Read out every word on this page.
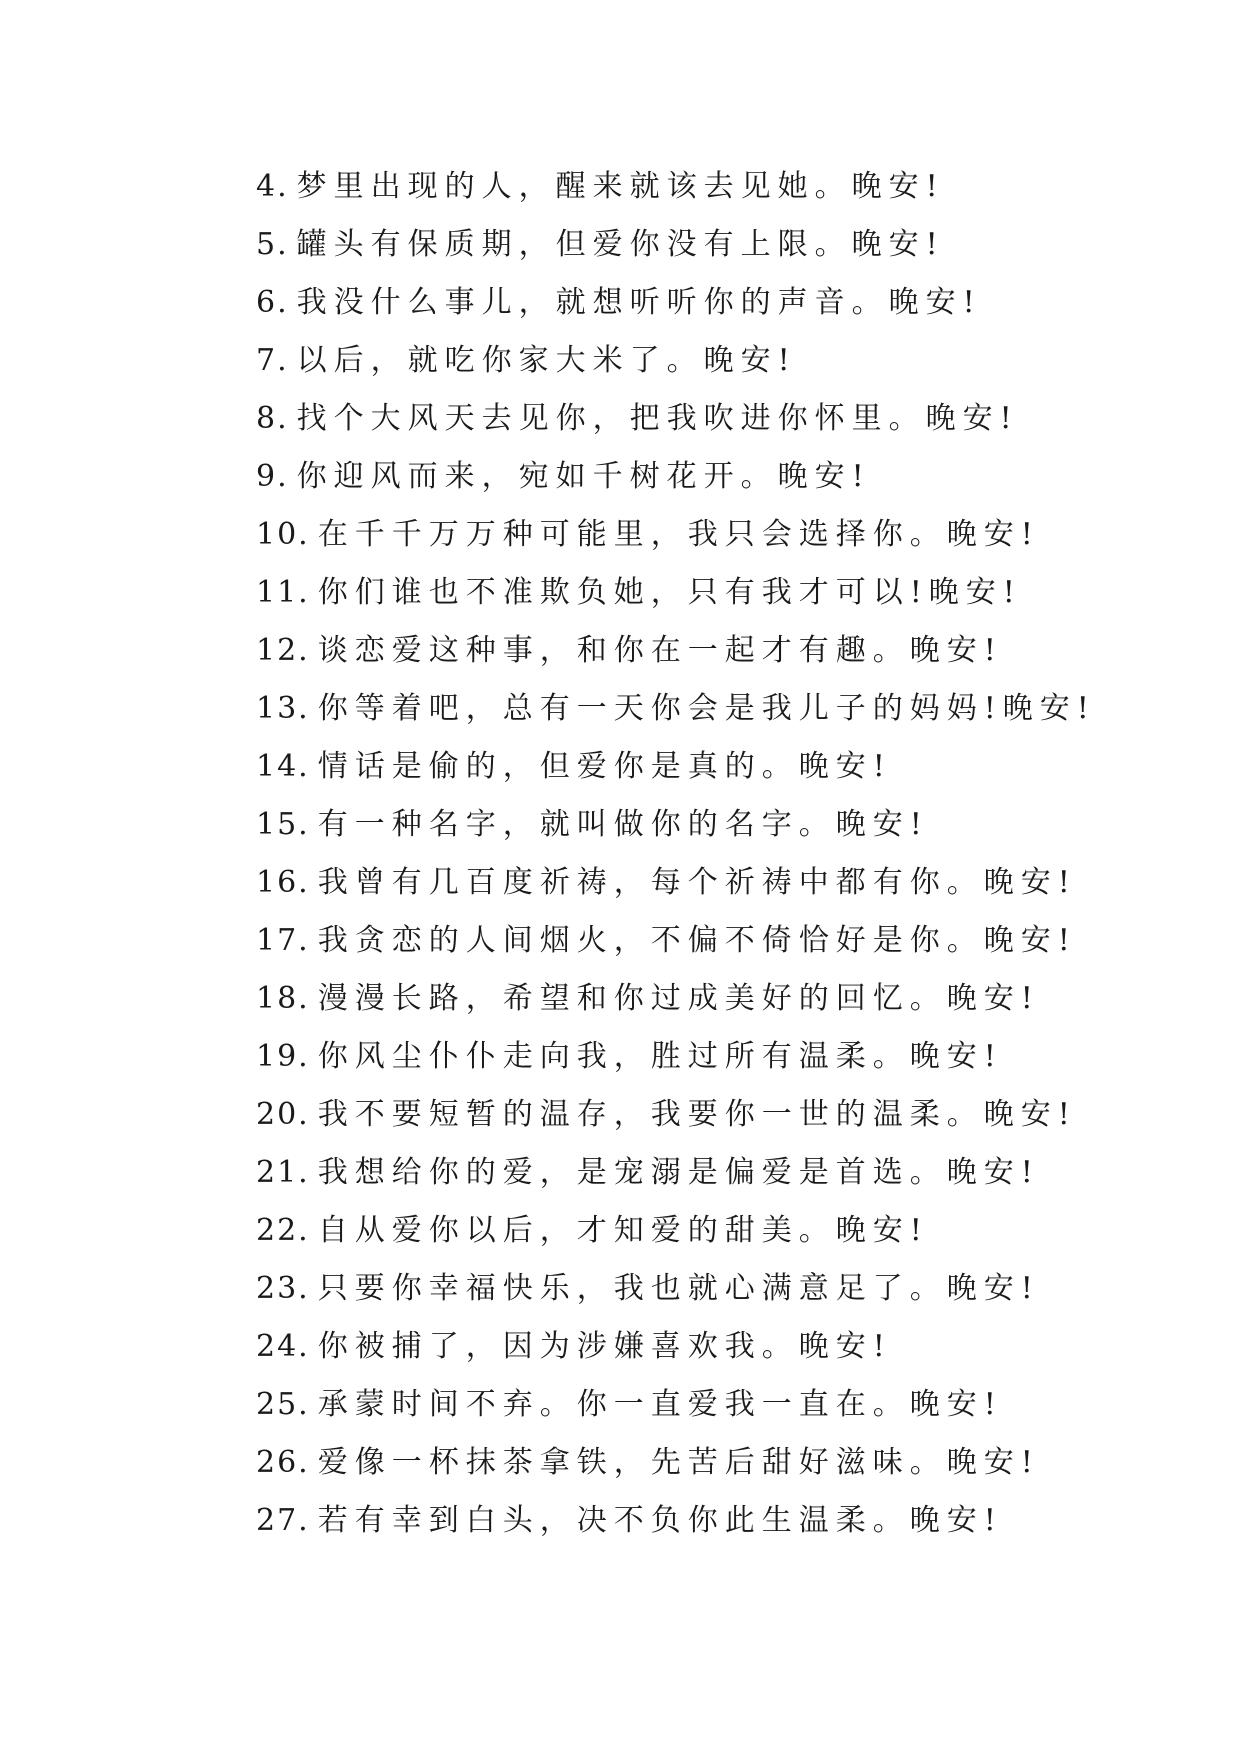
4. 梦里出现的人，醒来就该去见她。晚安!
5. 罐头有保质期，但爱你没有上限。晚安!
6. 我没什么事儿，就想听听你的声音。晚安!
7. 以后，就吃你家大米了。晚安!
8. 找个大风天去见你，把我吹进你怀里。晚安!
9. 你迎风而来，宛如千树花开。晚安!
10. 在千千万万种可能里，我只会选择你。晚安!
11. 你们谁也不准欺负她，只有我才可以!晚安!
12. 谈恋爱这种事，和你在一起才有趣。晚安!
13. 你等着吧，总有一天你会是我儿子的妈妈!晚安!
14. 情话是偷的，但爱你是真的。晚安!
15. 有一种名字，就叫做你的名字。晚安!
16. 我曾有几百度祈祷，每个祈祷中都有你。晚安!
17. 我贪恋的人间烟火，不偏不倚恰好是你。晚安!
18. 漫漫长路，希望和你过成美好的回忆。晚安!
19. 你风尘仆仆走向我，胜过所有温柔。晚安!
20. 我不要短暂的温存，我要你一世的温柔。晚安!
21. 我想给你的爱，是宠溺是偏爱是首选。晚安!
22. 自从爱你以后，才知爱的甜美。晚安!
23. 只要你幸福快乐，我也就心满意足了。晚安!
24. 你被捕了，因为涉嫌喜欢我。晚安!
25. 承蒙时间不弃。你一直爱我一直在。晚安!
26. 爱像一杯抹茶拿铁，先苦后甜好滋味。晚安!
27. 若有幸到白头，决不负你此生温柔。晚安!
